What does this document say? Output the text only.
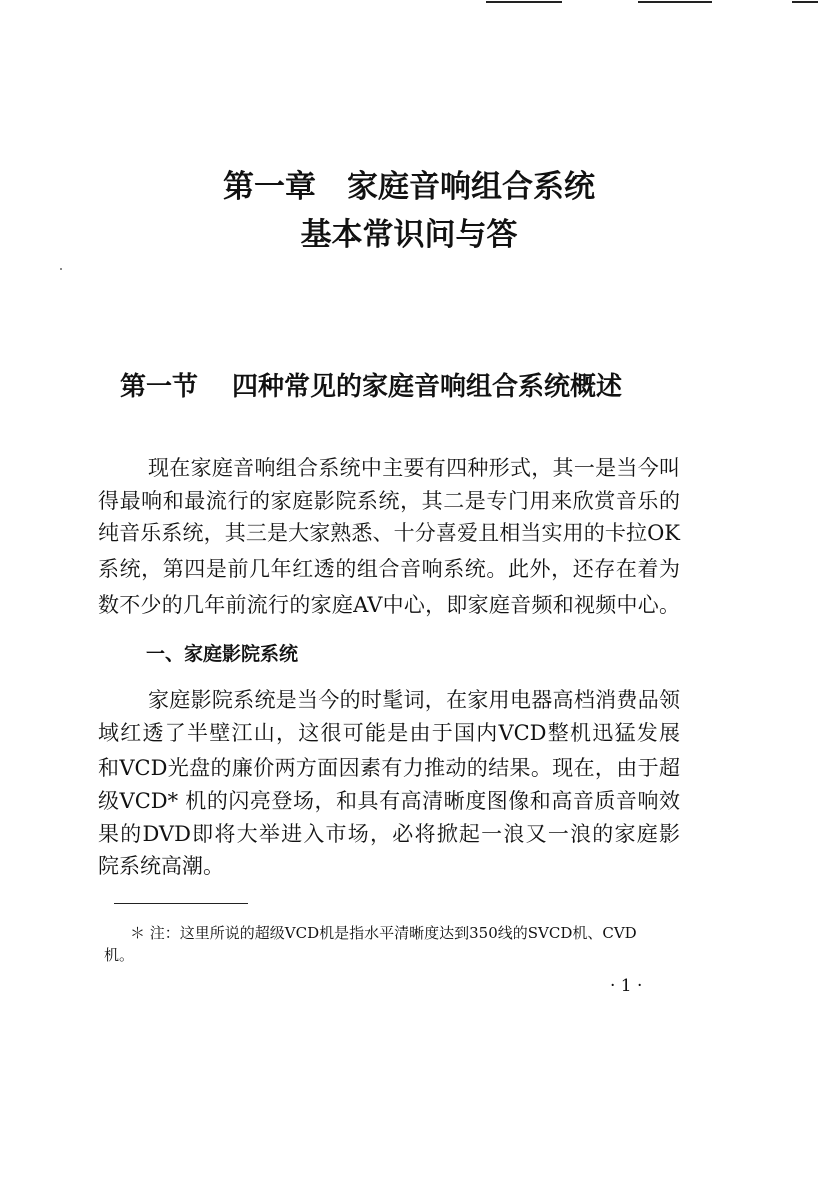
第一章　家庭音响组合系统
基本常识问与答
第一节 四种常见的家庭音响组合系统概述
现在家庭音响组合系统中主要有四种形式，其一是当今叫
得最响和最流行的家庭影院系统，其二是专门用来欣赏音乐的
纯音乐系统，其三是大家熟悉、十分喜爱且相当实用的卡拉OK
系统，第四是前几年红透的组合音响系统。此外，还存在着为
数不少的几年前流行的家庭AV中心，即家庭音频和视频中心。
一、家庭影院系统
家庭影院系统是当今的时髦词，在家用电器高档消费品领
域红透了半壁江山，这很可能是由于国内VCD整机迅猛发展
和VCD光盘的廉价两方面因素有力推动的结果。现在，由于超
级VCD* 机的闪亮登场，和具有高清晰度图像和高音质音响效
果的DVD即将大举进入市场，必将掀起一浪又一浪的家庭影
院系统高潮。
＊ 注：这里所说的超级VCD机是指水平清晰度达到350线的SVCD机、CVD
机。
· 1 ·
